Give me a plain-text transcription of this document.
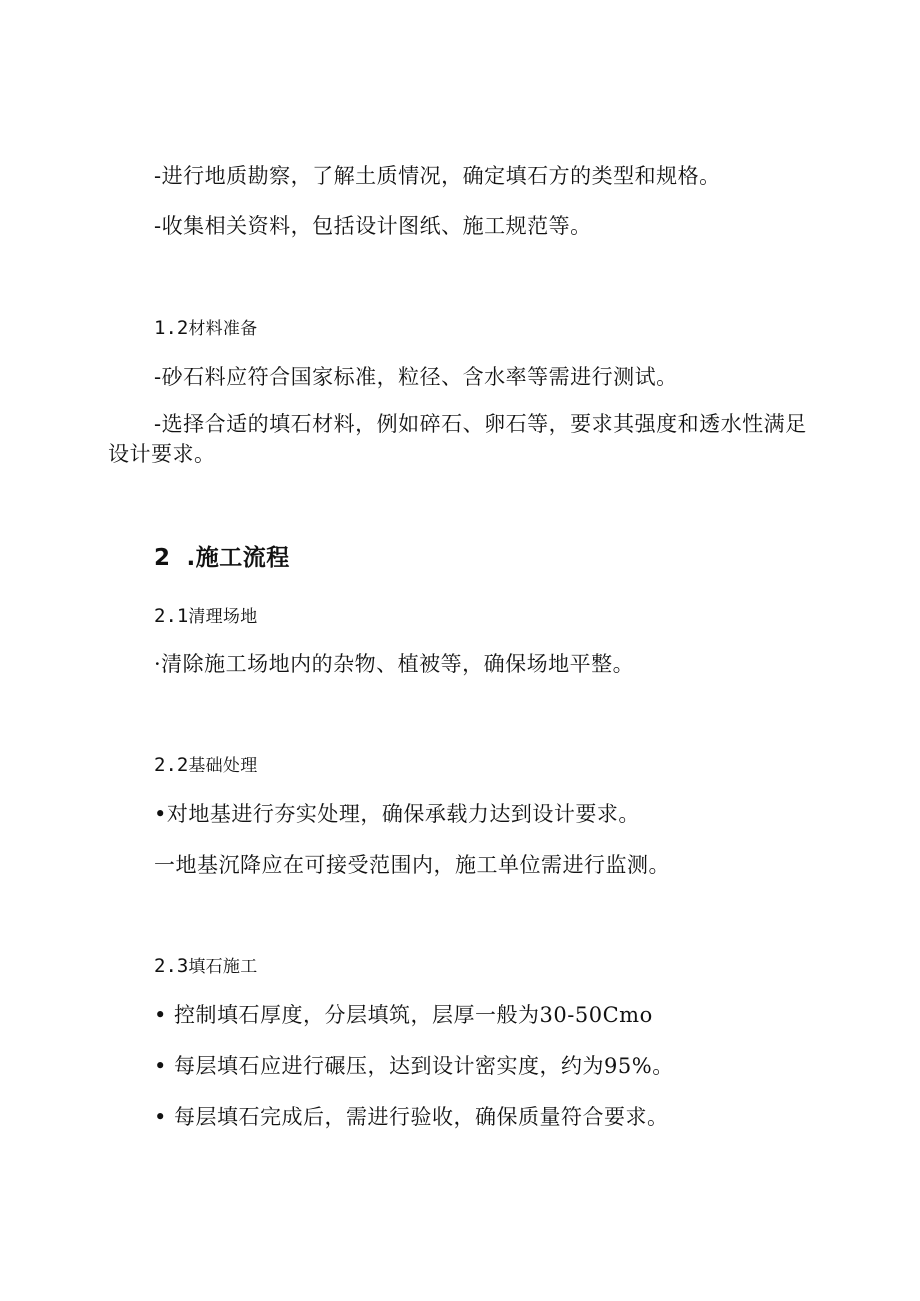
-进行地质勘察，了解土质情况，确定填石方的类型和规格。
-收集相关资料，包括设计图纸、施工规范等。
1.2材料准备
-砂石料应符合国家标准，粒径、含水率等需进行测试。
-选择合适的填石材料，例如碎石、卵石等，要求其强度和透水性满足设计要求。
2 .施工流程
2.1清理场地
·清除施工场地内的杂物、植被等，确保场地平整。
2.2基础处理
•对地基进行夯实处理，确保承载力达到设计要求。
一地基沉降应在可接受范围内，施工单位需进行监测。
2.3填石施工
• 控制填石厚度，分层填筑，层厚一般为30-50Cmo
• 每层填石应进行碾压，达到设计密实度，约为95%。
• 每层填石完成后，需进行验收，确保质量符合要求。
